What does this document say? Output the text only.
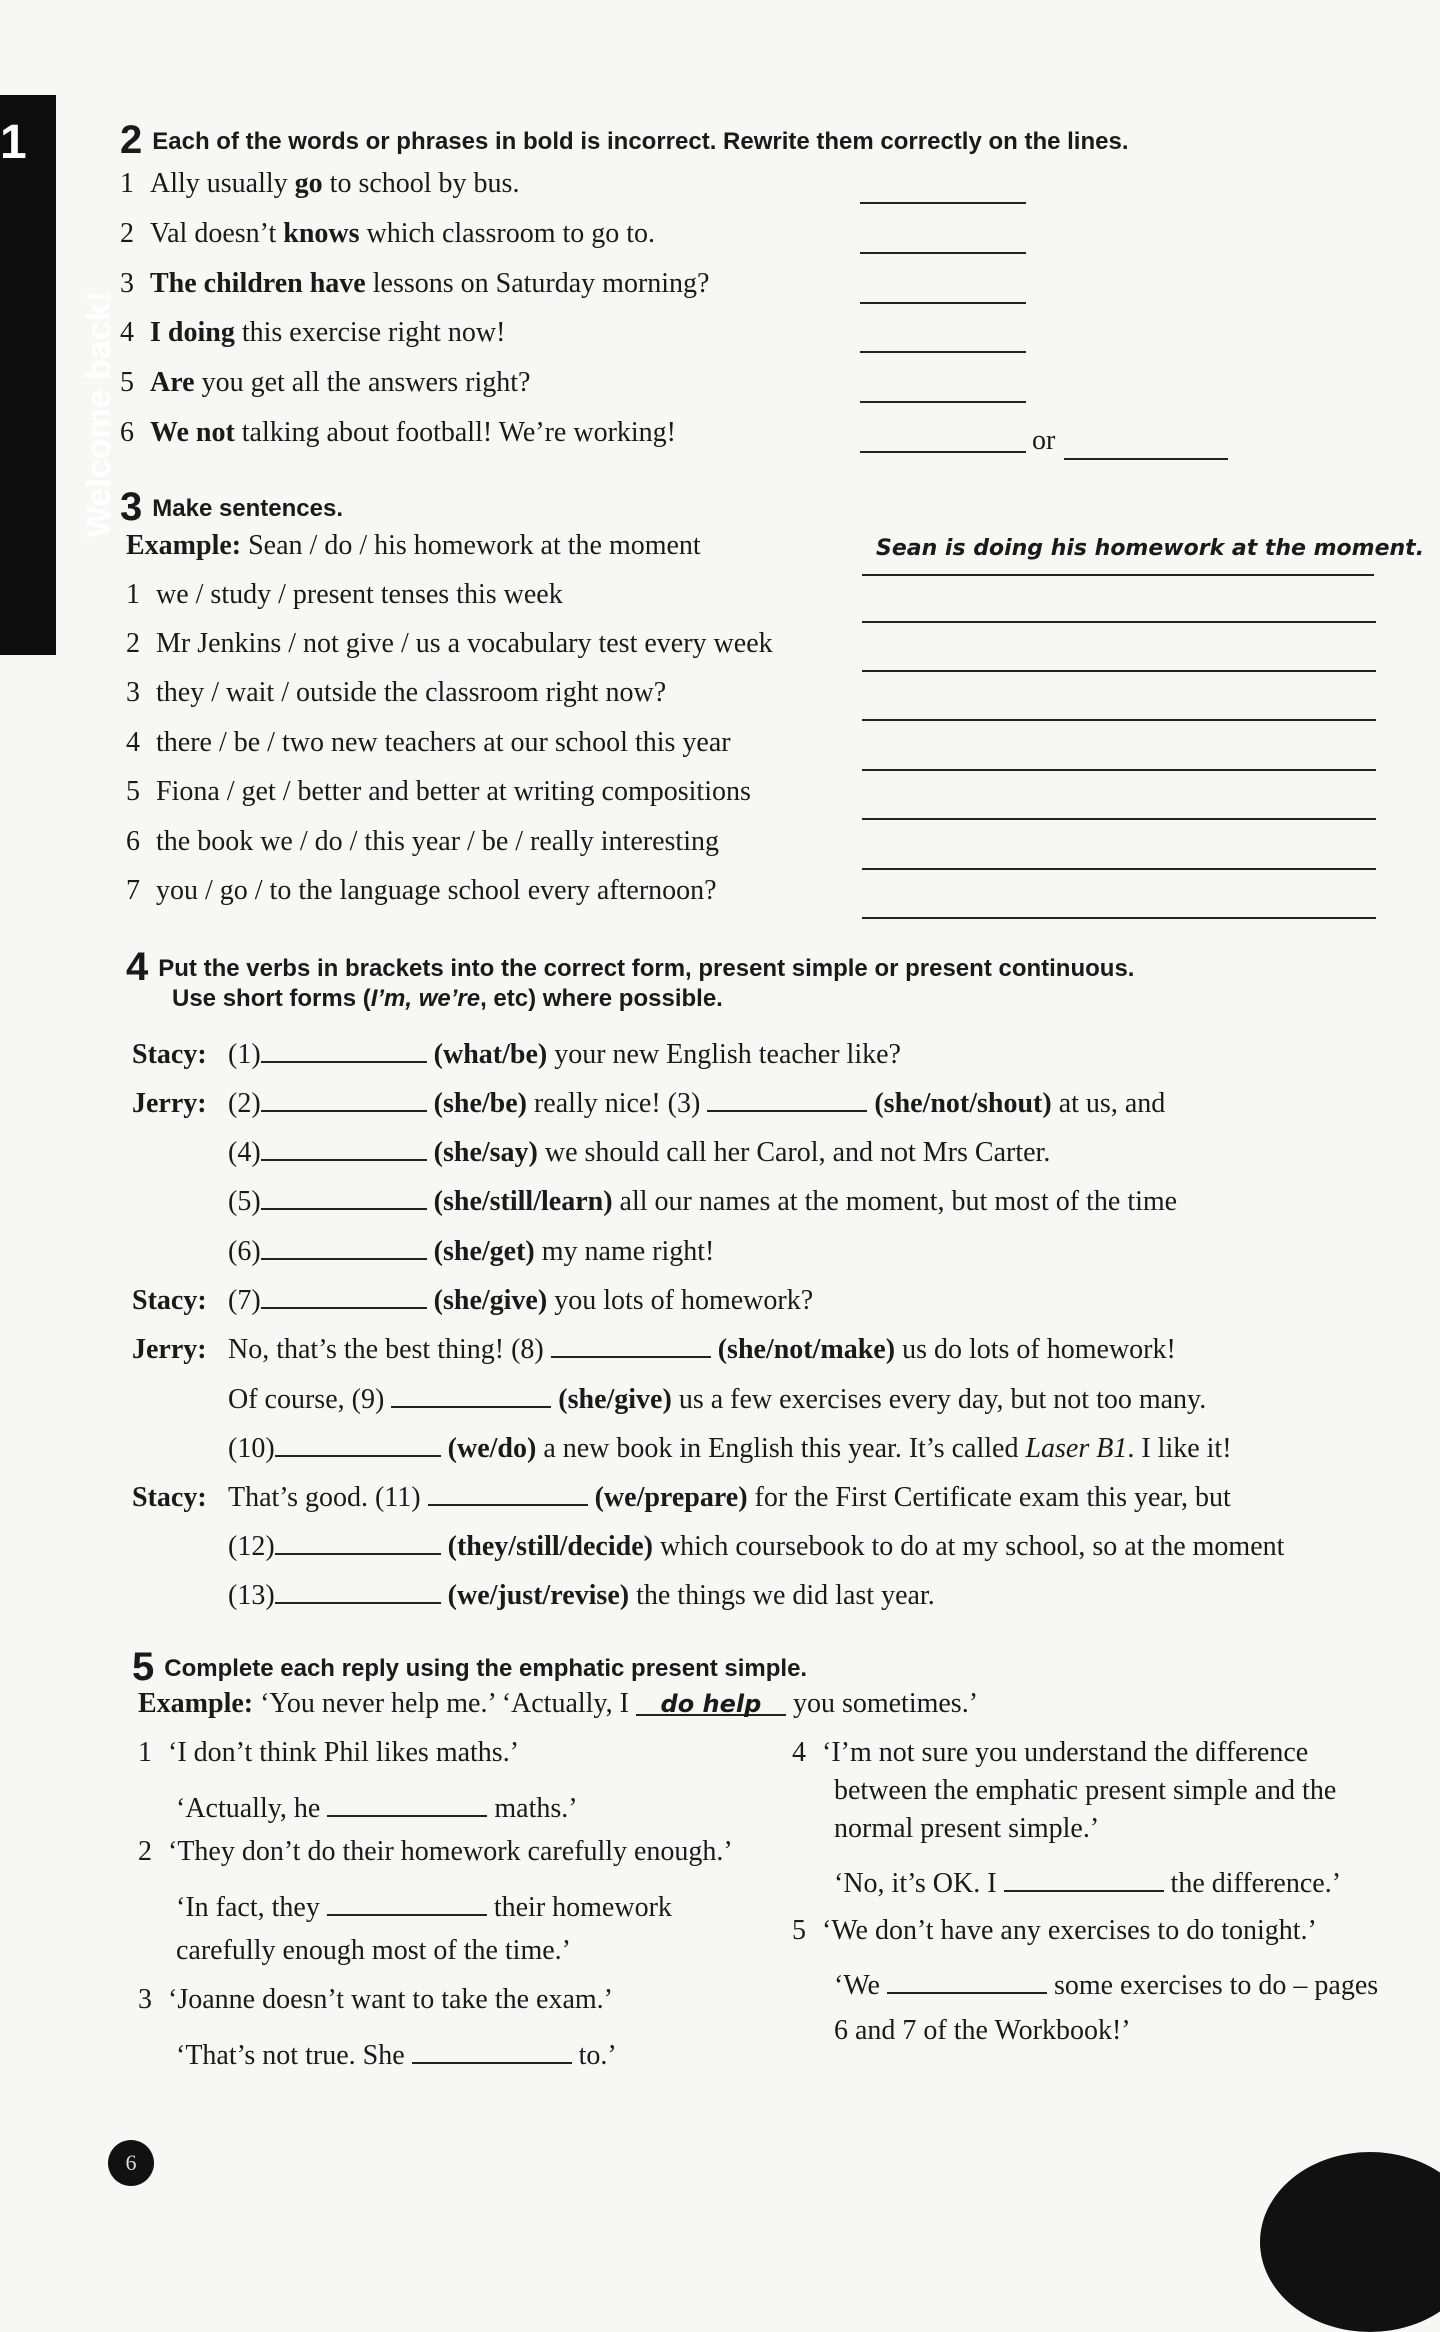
1
Welcome back!
2 Each of the words or phrases in bold is incorrect. Rewrite them correctly on the lines.
1 Ally usually go to school by bus.
2 Val doesn’t knows which classroom to go to.
3 The children have lessons on Saturday morning?
4 I doing this exercise right now!
5 Are you get all the answers right?
6 We not talking about football! We’re working!	or
3 Make sentences.
Example: Sean / do / his homework at the moment	Sean is doing his homework at the moment.
1 we / study / present tenses this week
2 Mr Jenkins / not give / us a vocabulary test every week
3 they / wait / outside the classroom right now?
4 there / be / two new teachers at our school this year
5 Fiona / get / better and better at writing compositions
6 the book we / do / this year / be / really interesting
7 you / go / to the language school every afternoon?
4 Put the verbs in brackets into the correct form, present simple or present continuous.
Use short forms (I’m, we’re, etc) where possible.
Stacy: (1)	(what/be) your new English teacher like?
Jerry: (2)	(she/be) really nice! (3)	(she/not/shout) at us, and
(4)	(she/say) we should call her Carol, and not Mrs Carter.
(5)	(she/still/learn) all our names at the moment, but most of the time
(6)	(she/get) my name right!
Stacy: (7)	(she/give) you lots of homework?
Jerry: No, that’s the best thing! (8)	(she/not/make) us do lots of homework!
Of course, (9)	(she/give) us a few exercises every day, but not too many.
(10)	(we/do) a new book in English this year. It’s called Laser B1. I like it!
Stacy: That’s good. (11)	(we/prepare) for the First Certificate exam this year, but
(12)	(they/still/decide) which coursebook to do at my school, so at the moment
(13)	(we/just/revise) the things we did last year.
5 Complete each reply using the emphatic present simple.
Example: ‘You never help me.’ ‘Actually, I do help you sometimes.’
1 ‘I don’t think Phil likes maths.’
‘Actually, he	maths.’
2 ‘They don’t do their homework carefully enough.’
‘In fact, they	their homework
carefully enough most of the time.’
3 ‘Joanne doesn’t want to take the exam.’
‘That’s not true. She	to.’
4 ‘I’m not sure you understand the difference
between the emphatic present simple and the
normal present simple.’
‘No, it’s OK. I	the difference.’
5 ‘We don’t have any exercises to do tonight.’
‘We	some exercises to do – pages
6 and 7 of the Workbook!’
6
